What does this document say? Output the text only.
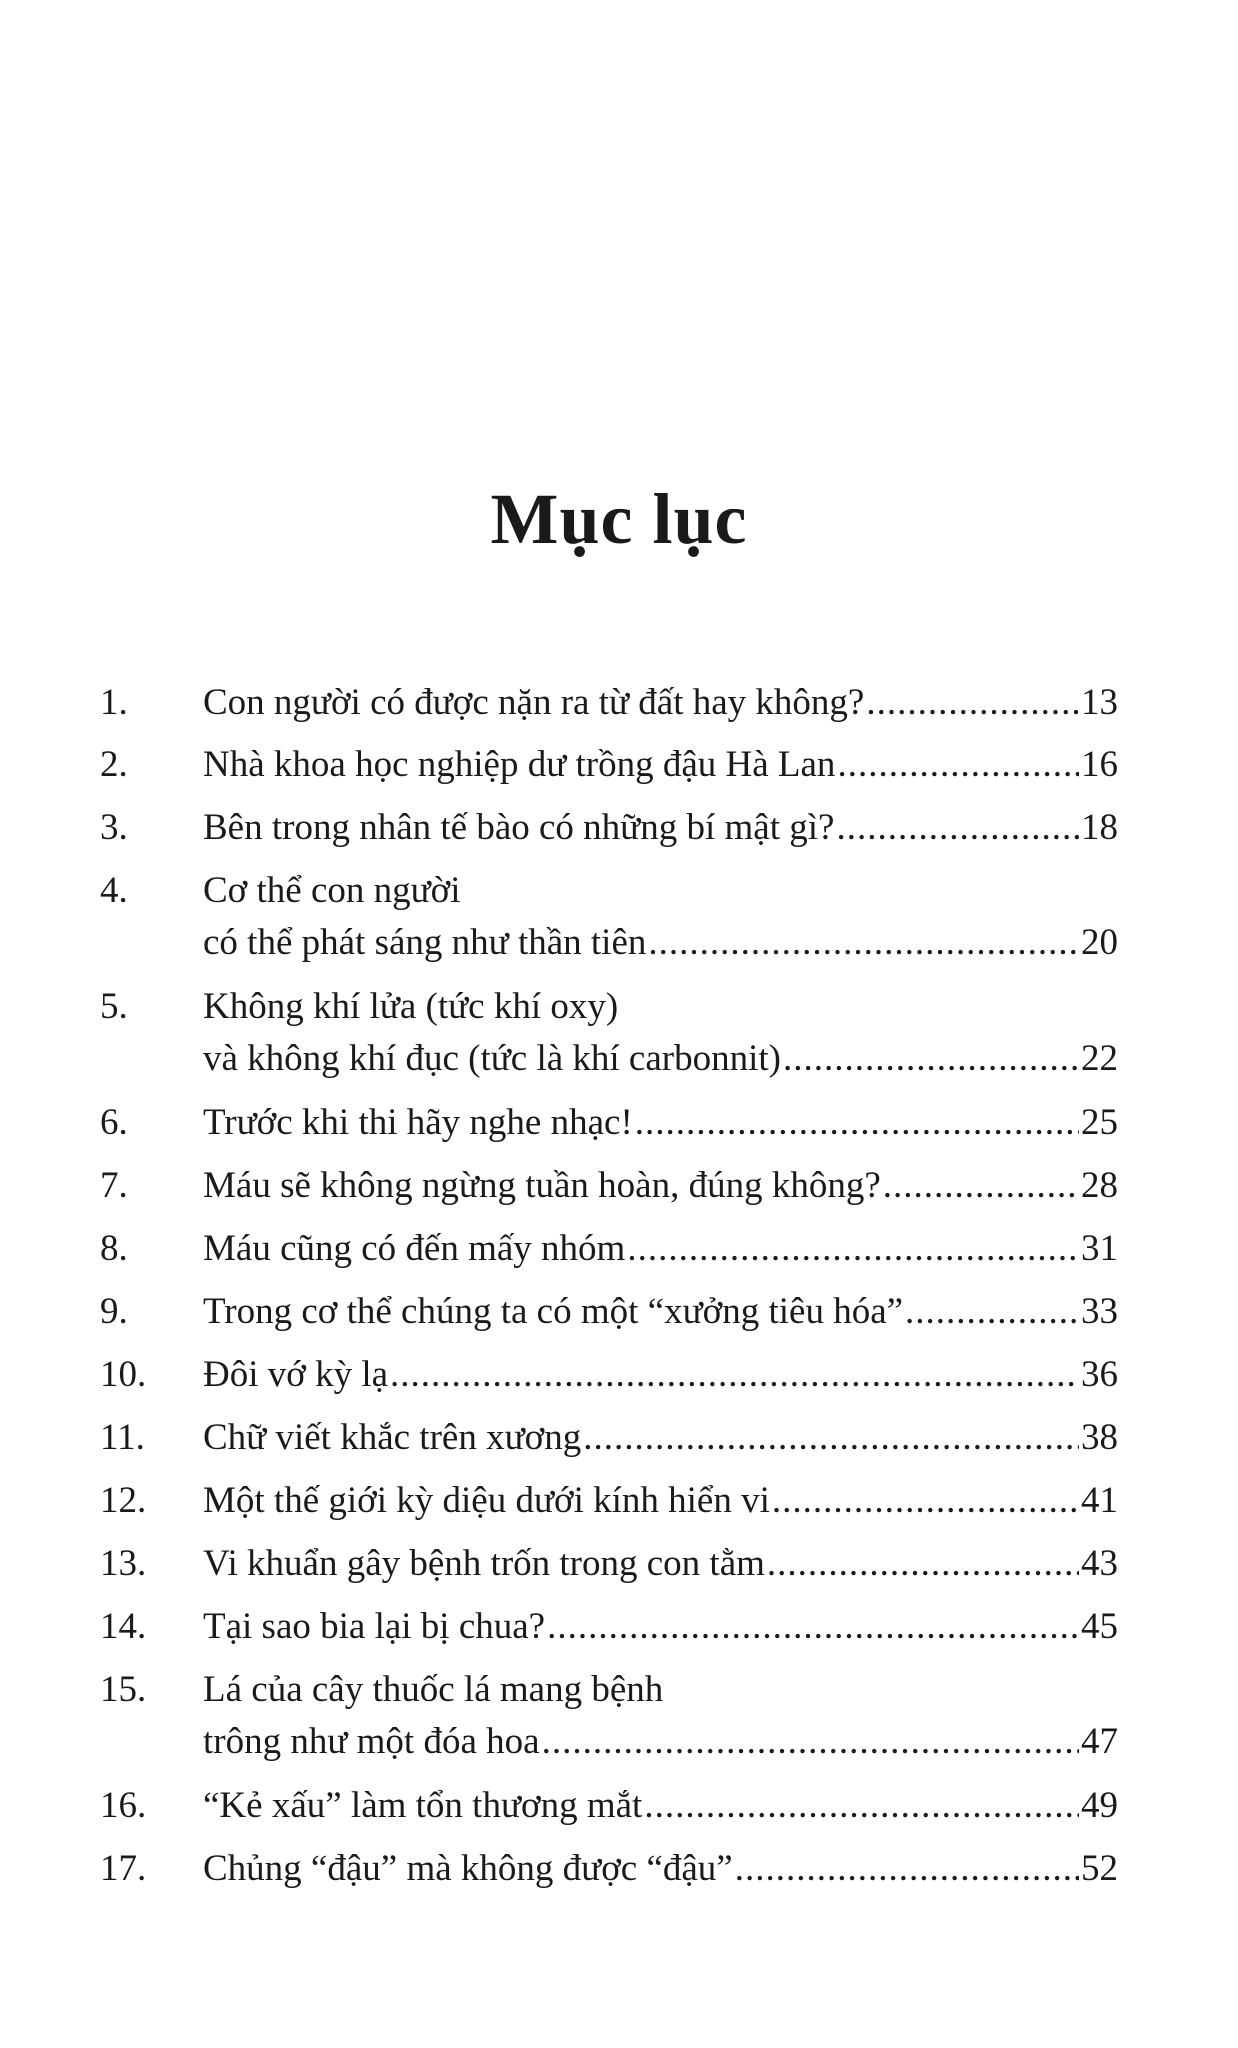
Mục lục
1.	Con người có được nặn ra từ đất hay không? .....	13
2.	Nhà khoa học nghiệp dư trồng đậu Hà Lan .....	16
3.	Bên trong nhân tế bào có những bí mật gì? .....	18
4.	Cơ thể con người
có thể phát sáng như thần tiên .....	20
5.	Không khí lửa (tức khí oxy)
và không khí đục (tức là khí carbonnit) .....	22
6.	Trước khi thi hãy nghe nhạc! .....	25
7.	Máu sẽ không ngừng tuần hoàn, đúng không? .....	28
8.	Máu cũng có đến mấy nhóm .....	31
9.	Trong cơ thể chúng ta có một “xưởng tiêu hóa” .....	33
10.	Đôi vớ kỳ lạ .....	36
11.	Chữ viết khắc trên xương .....	38
12.	Một thế giới kỳ diệu dưới kính hiển vi .....	41
13.	Vi khuẩn gây bệnh trốn trong con tằm .....	43
14.	Tại sao bia lại bị chua? .....	45
15.	Lá của cây thuốc lá mang bệnh
trông như một đóa hoa .....	47
16.	“Kẻ xấu” làm tổn thương mắt .....	49
17.	Chủng “đậu” mà không được “đậu” .....	52
